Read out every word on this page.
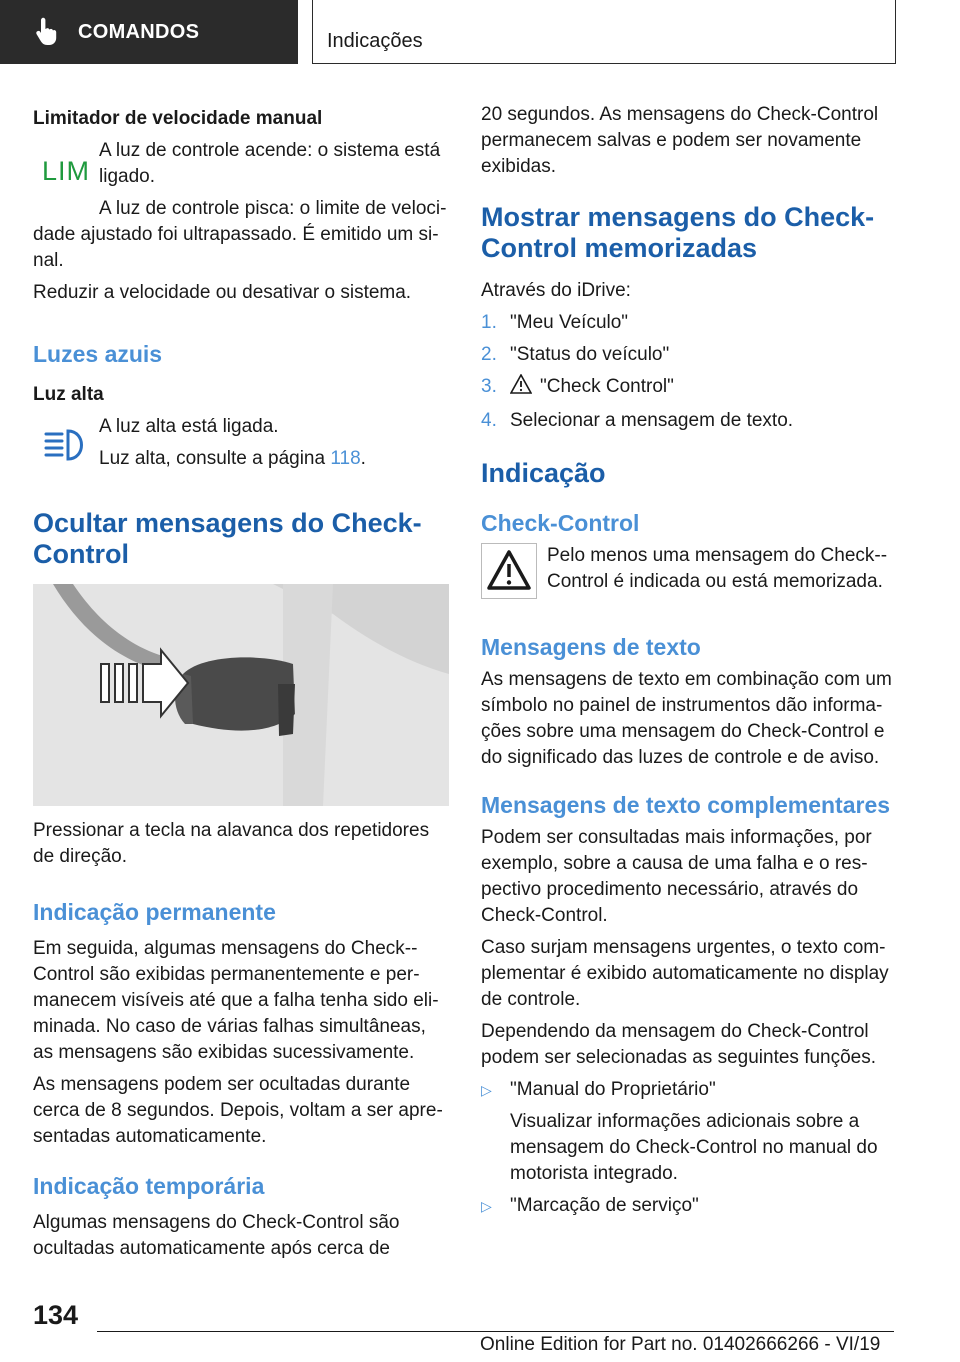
COMANDOS	Indicações
Limitador de velocidade manual
LIM

A luz de controle acende: o sistema está ligado.

A luz de controle pisca: o limite de veloci-
dade ajustado foi ultrapassado. É emitido um si-nal.

Reduzir a velocidade ou desativar o sistema.

Luzes azuis
Luz alta

A luz alta está ligada.

Luz alta, consulte a página 118.

Ocultar mensagens do Check-Control

Pressionar a tecla na alavanca dos repetidores de direção.

Indicação permanente

Em seguida, algumas mensagens do Check--Control são exibidas permanentemente e per-manecem visíveis até que a falha tenha sido eli-minada. No caso de várias falhas simultâneas, as mensagens são exibidas sucessivamente.

As mensagens podem ser ocultadas durante cerca de 8 segundos. Depois, voltam a ser apre-sentadas automaticamente.

Indicação temporária

Algumas mensagens do Check-Control são ocultadas automaticamente após cerca de

20 segundos. As mensagens do Check-Control permanecem salvas e podem ser novamente exibidas.

Mostrar mensagens do Check-Control memorizadas

Através do iDrive:

1. "Meu Veículo"
2. "Status do veículo"
3.	"Check Control"
4. Selecionar a mensagem de texto.
Indicação
Check-Control

Pelo menos uma mensagem do Check--Control é indicada ou está memorizada.

Mensagens de texto

As mensagens de texto em combinação com um símbolo no painel de instrumentos dão informa-ções sobre uma mensagem do Check-Control e do significado das luzes de controle e de aviso.

Mensagens de texto complementares

Podem ser consultadas mais informações, por exemplo, sobre a causa de uma falha e o res-pectivo procedimento necessário, através do Check-Control.

Caso surjam mensagens urgentes, o texto com-plementar é exibido automaticamente no display de controle.

Dependendo da mensagem do Check-Control podem ser selecionadas as seguintes funções.

▷ "Manual do Proprietário"
Visualizar informações adicionais sobre a mensagem do Check-Control no manual do motorista integrado.
▷ "Marcação de serviço"
134
Online Edition for Part no. 01402666266 - VI/19
